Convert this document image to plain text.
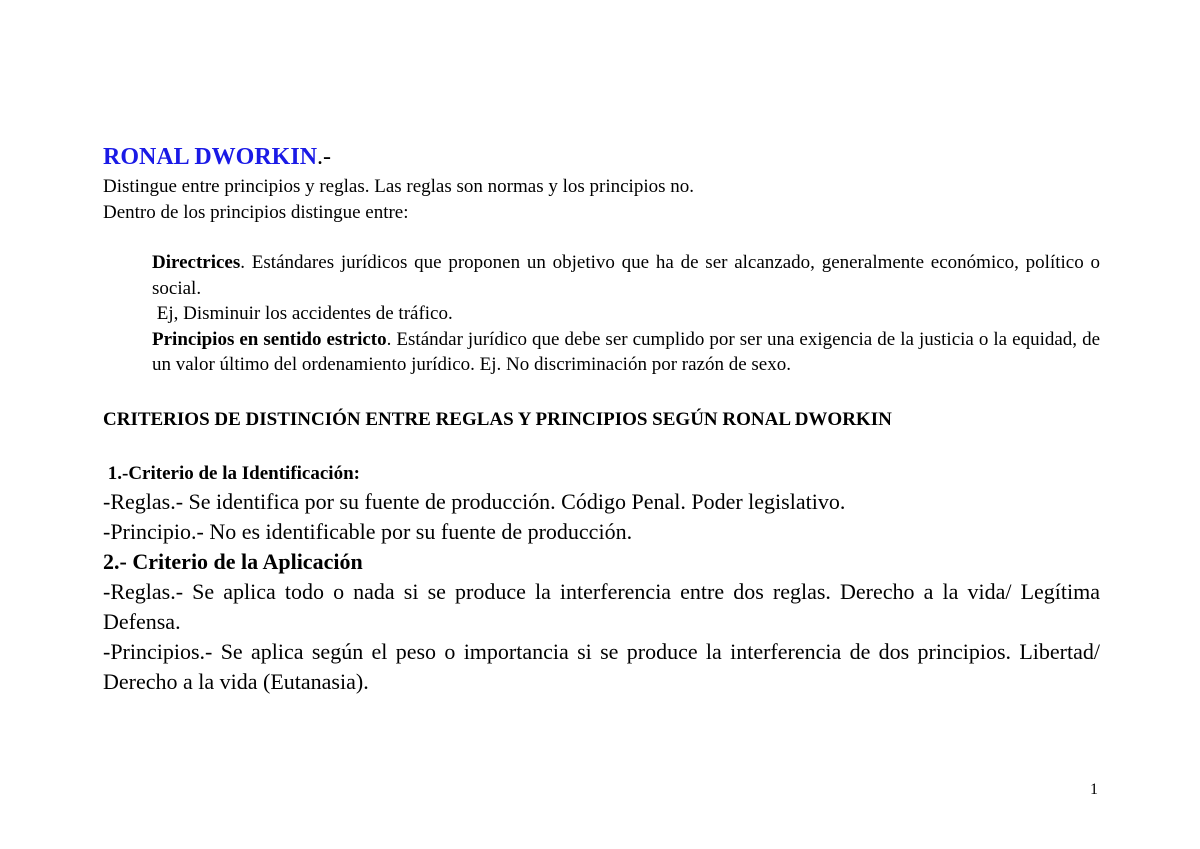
RONAL DWORKIN.-

Distingue entre principios y reglas. Las reglas son normas y los principios no.

Dentro de los principios distingue entre:

Directrices. Estándares jurídicos que proponen un objetivo que ha de ser alcanzado, generalmente económico, político o social.

Ej, Disminuir los accidentes de tráfico.

Principios en sentido estricto. Estándar jurídico que debe ser cumplido por ser una exigencia de la justicia o la equidad, de un valor último del ordenamiento jurídico. Ej. No discriminación por razón de sexo.

CRITERIOS DE DISTINCIÓN ENTRE REGLAS Y PRINCIPIOS SEGÚN RONAL DWORKIN

1.-Criterio de la Identificación:

-Reglas.- Se identifica por su fuente de producción. Código Penal. Poder legislativo.

-Principio.- No es identificable por su fuente de producción.

2.- Criterio de la Aplicación

-Reglas.- Se aplica todo o nada si se produce la interferencia entre dos reglas. Derecho a la vida/ Legítima Defensa.

-Principios.- Se aplica según el peso o importancia si se produce la interferencia de dos principios. Libertad/ Derecho a la vida (Eutanasia).

1
